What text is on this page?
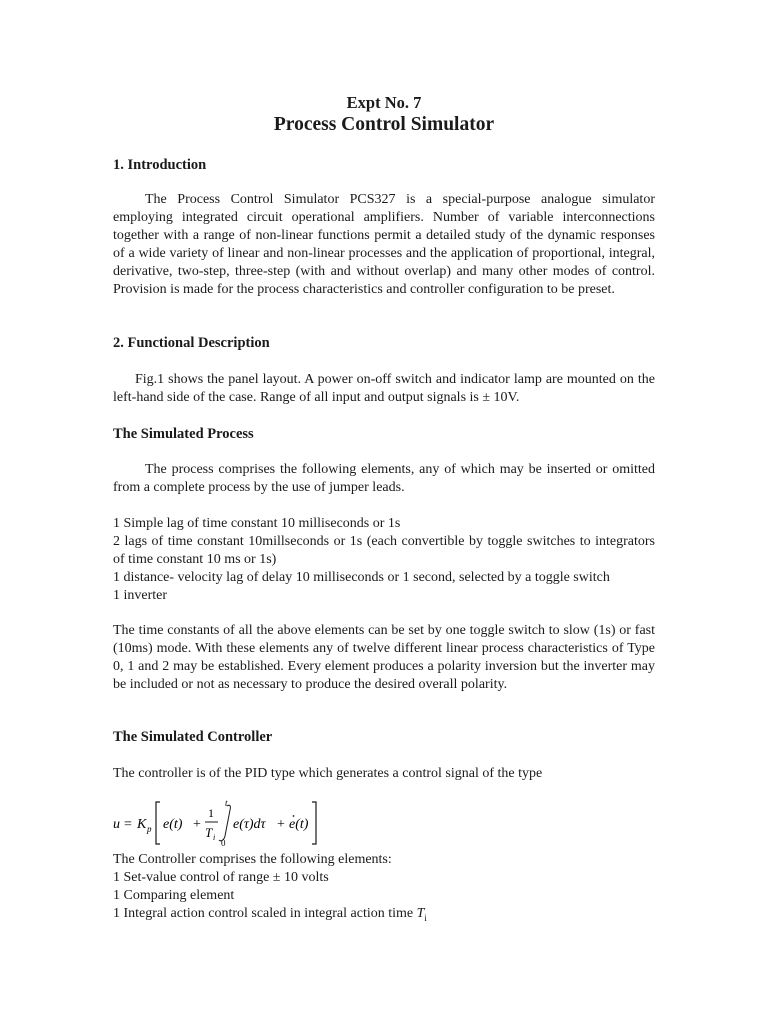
Expt No. 7
Process Control Simulator
1. Introduction

The Process Control Simulator PCS327 is a special-purpose analogue simulator employing integrated circuit operational amplifiers. Number of variable interconnections together with a range of non-linear functions permit a detailed study of the dynamic responses of a wide variety of linear and non-linear processes and the application of proportional, integral, derivative, two-step, three-step (with and without overlap) and many other modes of control. Provision is made for the process characteristics and controller configuration to be preset.

2. Functional Description

Fig.1 shows the panel layout. A power on-off switch and indicator lamp are mounted on the left-hand side of the case. Range of all input and output signals is ± 10V.

The Simulated Process

The process comprises the following elements, any of which may be inserted or omitted from a complete process by the use of jumper leads.

1 Simple lag of time constant 10 milliseconds or 1s

2 lags of time constant 10millseconds or 1s (each convertible by toggle switches to integrators of time constant 10 ms or 1s)

1 distance- velocity lag of delay 10 milliseconds or 1 second, selected by a toggle switch
1 inverter

The time constants of all the above elements can be set by one toggle switch to slow (1s) or fast (10ms) mode. With these elements any of twelve different linear process characteristics of Type 0, 1 and 2 may be established. Every element produces a polarity inversion but the inverter may be included or not as necessary to produce the desired overall polarity.

The Simulated Controller
The controller is of the PID type which generates a control signal of the type
u = K p e(t) +
1
T i
t
0
e(τ)dτ + e(t)
The Controller comprises the following elements:
1 Set-value control of range ± 10 volts
1 Comparing element
1 Integral action control scaled in integral action time $T_i$
